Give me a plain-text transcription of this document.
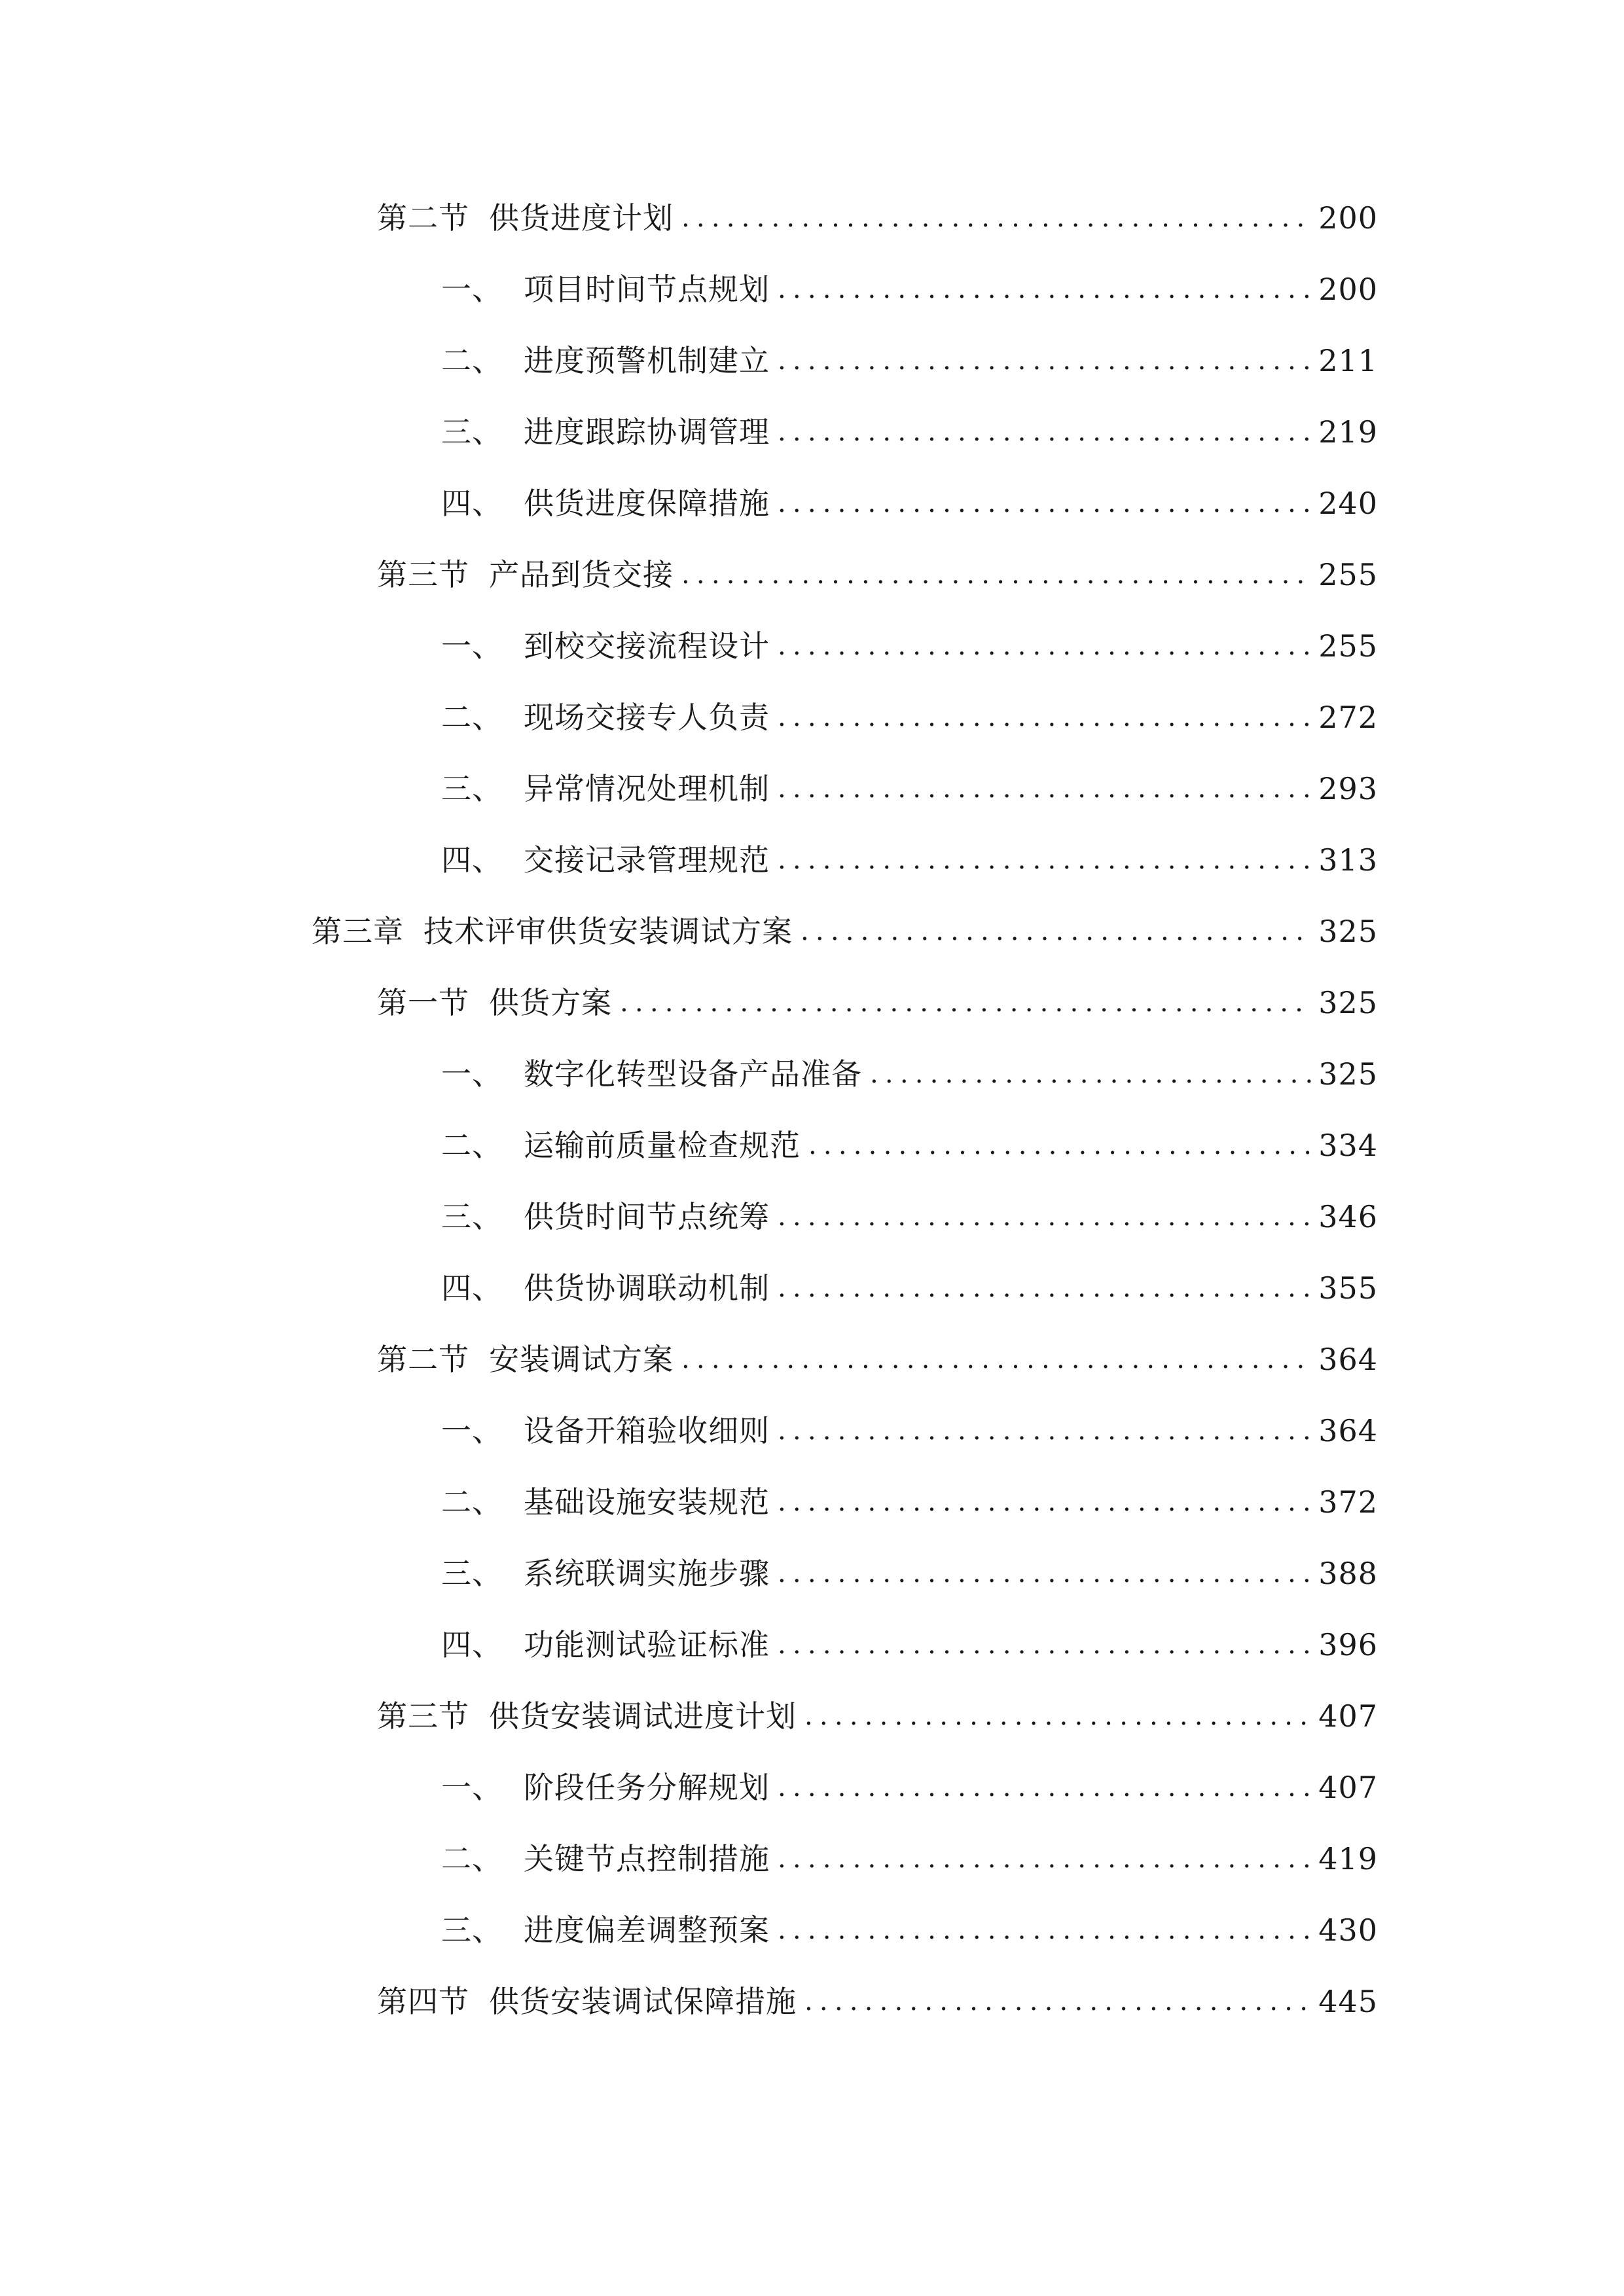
第二节 供货进度计划 .....	200
一、 项目时间节点规划 .....	200
二、 进度预警机制建立 .....	211
三、 进度跟踪协调管理 .....	219
四、 供货进度保障措施 .....	240
第三节 产品到货交接 .....	255
一、 到校交接流程设计 .....	255
二、 现场交接专人负责 .....	272
三、 异常情况处理机制 .....	293
四、 交接记录管理规范 .....	313
第三章 技术评审供货安装调试方案 .....	325
第一节 供货方案 .....	325
一、 数字化转型设备产品准备 .....	325
二、 运输前质量检查规范 .....	334
三、 供货时间节点统筹 .....	346
四、 供货协调联动机制 .....	355
第二节 安装调试方案 .....	364
一、 设备开箱验收细则 .....	364
二、 基础设施安装规范 .....	372
三、 系统联调实施步骤 .....	388
四、 功能测试验证标准 .....	396
第三节 供货安装调试进度计划 .....	407
一、 阶段任务分解规划 .....	407
二、 关键节点控制措施 .....	419
三、 进度偏差调整预案 .....	430
第四节 供货安装调试保障措施 .....	445
